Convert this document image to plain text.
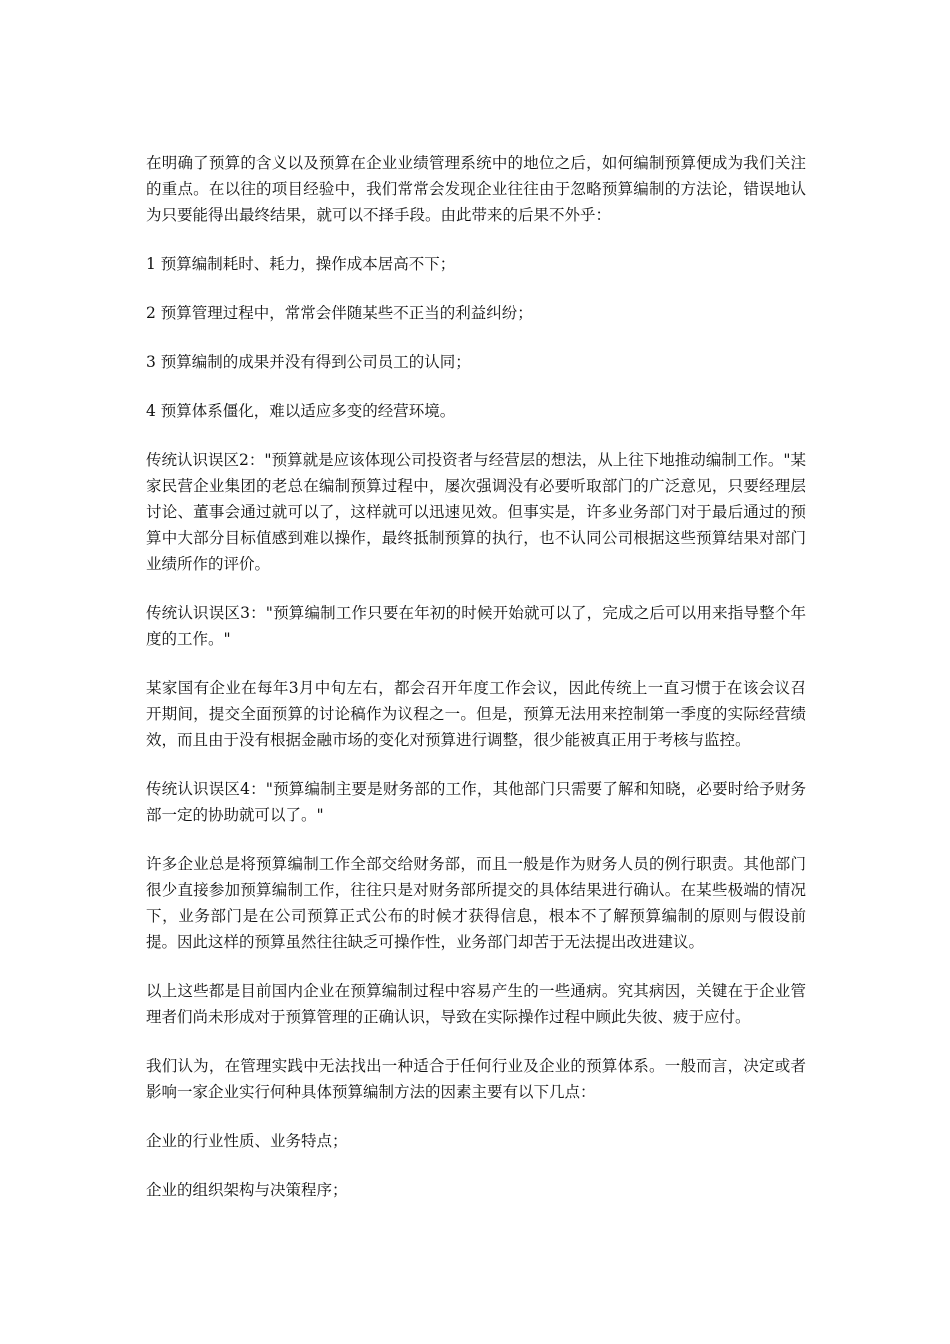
在明确了预算的含义以及预算在企业业绩管理系统中的地位之后，如何编制预算便成为我们关注的重点。在以往的项目经验中，我们常常会发现企业往往由于忽略预算编制的方法论，错误地认为只要能得出最终结果，就可以不择手段。由此带来的后果不外乎：

1 预算编制耗时、耗力，操作成本居高不下；

2 预算管理过程中，常常会伴随某些不正当的利益纠纷；

3 预算编制的成果并没有得到公司员工的认同；

4 预算体系僵化，难以适应多变的经营环境。

传统认识误区2："预算就是应该体现公司投资者与经营层的想法，从上往下地推动编制工作。"某家民营企业集团的老总在编制预算过程中，屡次强调没有必要听取部门的广泛意见，只要经理层讨论、董事会通过就可以了，这样就可以迅速见效。但事实是，许多业务部门对于最后通过的预算中大部分目标值感到难以操作，最终抵制预算的执行，也不认同公司根据这些预算结果对部门业绩所作的评价。

传统认识误区3："预算编制工作只要在年初的时候开始就可以了，完成之后可以用来指导整个年度的工作。"

某家国有企业在每年3月中旬左右，都会召开年度工作会议，因此传统上一直习惯于在该会议召开期间，提交全面预算的讨论稿作为议程之一。但是，预算无法用来控制第一季度的实际经营绩效，而且由于没有根据金融市场的变化对预算进行调整，很少能被真正用于考核与监控。

传统认识误区4："预算编制主要是财务部的工作，其他部门只需要了解和知晓，必要时给予财务部一定的协助就可以了。"

许多企业总是将预算编制工作全部交给财务部，而且一般是作为财务人员的例行职责。其他部门很少直接参加预算编制工作，往往只是对财务部所提交的具体结果进行确认。在某些极端的情况下，业务部门是在公司预算正式公布的时候才获得信息，根本不了解预算编制的原则与假设前提。因此这样的预算虽然往往缺乏可操作性，业务部门却苦于无法提出改进建议。

以上这些都是目前国内企业在预算编制过程中容易产生的一些通病。究其病因，关键在于企业管理者们尚未形成对于预算管理的正确认识，导致在实际操作过程中顾此失彼、疲于应付。

我们认为，在管理实践中无法找出一种适合于任何行业及企业的预算体系。一般而言，决定或者影响一家企业实行何种具体预算编制方法的因素主要有以下几点：

企业的行业性质、业务特点；

企业的组织架构与决策程序；
